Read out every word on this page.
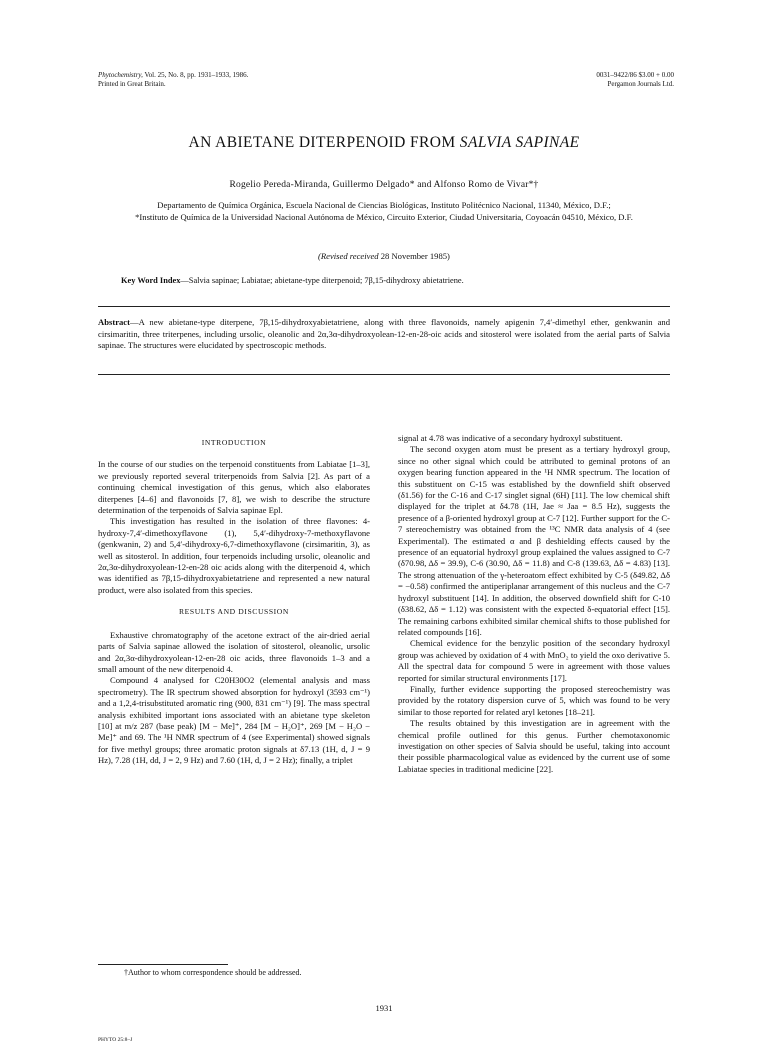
Phytochemistry, Vol. 25, No. 8, pp. 1931–1933, 1986.
Printed in Great Britain.
0031–9422/86 $3.00 + 0.00
Pergamon Journals Ltd.
AN ABIETANE DITERPENOID FROM SALVIA SAPINAE
Rogelio Pereda-Miranda, Guillermo Delgado* and Alfonso Romo de Vivar*†
Departamento de Química Orgánica, Escuela Nacional de Ciencias Biológicas, Instituto Politécnico Nacional, 11340, México, D.F.;
*Instituto de Química de la Universidad Nacional Autónoma de México, Circuito Exterior, Ciudad Universitaria, Coyoacán 04510, México, D.F.
(Revised received 28 November 1985)
Key Word Index—Salvia sapinae; Labiatae; abietane-type diterpenoid; 7β,15-dihydroxy abietatriene.
Abstract—A new abietane-type diterpene, 7β,15-dihydroxyabietatriene, along with three flavonoids, namely apigenin 7,4′-dimethyl ether, genkwanin and cirsimaritin, three triterpenes, including ursolic, oleanolic and 2α,3α-dihydroxyolean-12-en-28-oic acids and sitosterol were isolated from the aerial parts of Salvia sapinae. The structures were elucidated by spectroscopic methods.
INTRODUCTION

In the course of our studies on the terpenoid constituents from Labiatae [1–3], we previously reported several triterpenoids from Salvia [2]. As part of a continuing chemical investigation of this genus, which also elaborates diterpenes [4–6] and flavonoids [7, 8], we wish to describe the structure determination of the terpenoids of Salvia sapinae Epl.

This investigation has resulted in the isolation of three flavones: 4-hydroxy-7,4′-dimethoxyflavone (1), 5,4′-dihydroxy-7-methoxyflavone (genkwanin, 2) and 5,4′-dihydroxy-6,7-dimethoxyflavone (cirsimaritin, 3), as well as sitosterol. In addition, four terpenoids including ursolic, oleanolic and 2α,3α-dihydroxyolean-12-en-28 oic acids along with the diterpenoid 4, which was identified as 7β,15-dihydroxyabietatriene and represented a new natural product, were also isolated from this species.

RESULTS AND DISCUSSION

Exhaustive chromatography of the acetone extract of the air-dried aerial parts of Salvia sapinae allowed the isolation of sitosterol, oleanolic, ursolic and 2α,3α-dihydroxyolean-12-en-28 oic acids, three flavonoids 1–3 and a small amount of the new diterpenoid 4.

Compound 4 analysed for C20H30O2 (elemental analysis and mass spectrometry). The IR spectrum showed absorption for hydroxyl (3593 cm⁻¹) and a 1,2,4-trisubstituted aromatic ring (900, 831 cm⁻¹) [9]. The mass spectral analysis exhibited important ions associated with an abietane type skeleton [10] at m/z 287 (base peak) [M − Me]⁺, 284 [M − H₂O]⁺, 269 [M − H₂O − Me]⁺ and 69. The ¹H NMR spectrum of 4 (see Experimental) showed signals for five methyl groups; three aromatic proton signals at δ7.13 (1H, d, J = 9 Hz), 7.28 (1H, dd, J = 2, 9 Hz) and 7.60 (1H, d, J = 2 Hz); finally, a triplet

signal at 4.78 was indicative of a secondary hydroxyl substituent.

The second oxygen atom must be present as a tertiary hydroxyl group, since no other signal which could be attributed to geminal protons of an oxygen bearing function appeared in the ¹H NMR spectrum. The location of this substituent on C-15 was established by the downfield shift observed (δ1.56) for the C-16 and C-17 singlet signal (6H) [11]. The low chemical shift displayed for the triplet at δ4.78 (1H, Jae ≈ Jaa = 8.5 Hz), suggests the presence of a β-oriented hydroxyl group at C-7 [12]. Further support for the C-7 stereochemistry was obtained from the ¹³C NMR data analysis of 4 (see Experimental). The estimated α and β deshielding effects caused by the presence of an equatorial hydroxyl group explained the values assigned to C-7 (δ70.98, Δδ = 39.9), C-6 (30.90, Δδ = 11.8) and C-8 (139.63, Δδ = 4.83) [13]. The strong attenuation of the γ-heteroatom effect exhibited by C-5 (δ49.82, Δδ = −0.58) confirmed the antiperiplanar arrangement of this nucleus and the C-7 hydroxyl substituent [14]. In addition, the observed downfield shift for C-10 (δ38.62, Δδ = 1.12) was consistent with the expected δ-equatorial effect [15]. The remaining carbons exhibited similar chemical shifts to those published for related compounds [16].

Chemical evidence for the benzylic position of the secondary hydroxyl group was achieved by oxidation of 4 with MnO₂ to yield the oxo derivative 5. All the spectral data for compound 5 were in agreement with those values reported for similar structural environments [17].

Finally, further evidence supporting the proposed stereochemistry was provided by the rotatory dispersion curve of 5, which was found to be very similar to those reported for related aryl ketones [18–21].

The results obtained by this investigation are in agreement with the chemical profile outlined for this genus. Further chemotaxonomic investigation on other species of Salvia should be useful, taking into account their possible pharmacological value as evidenced by the current use of some Labiatae species in traditional medicine [22].

†Author to whom correspondence should be addressed.
1931
PHYTO 25:8–J
